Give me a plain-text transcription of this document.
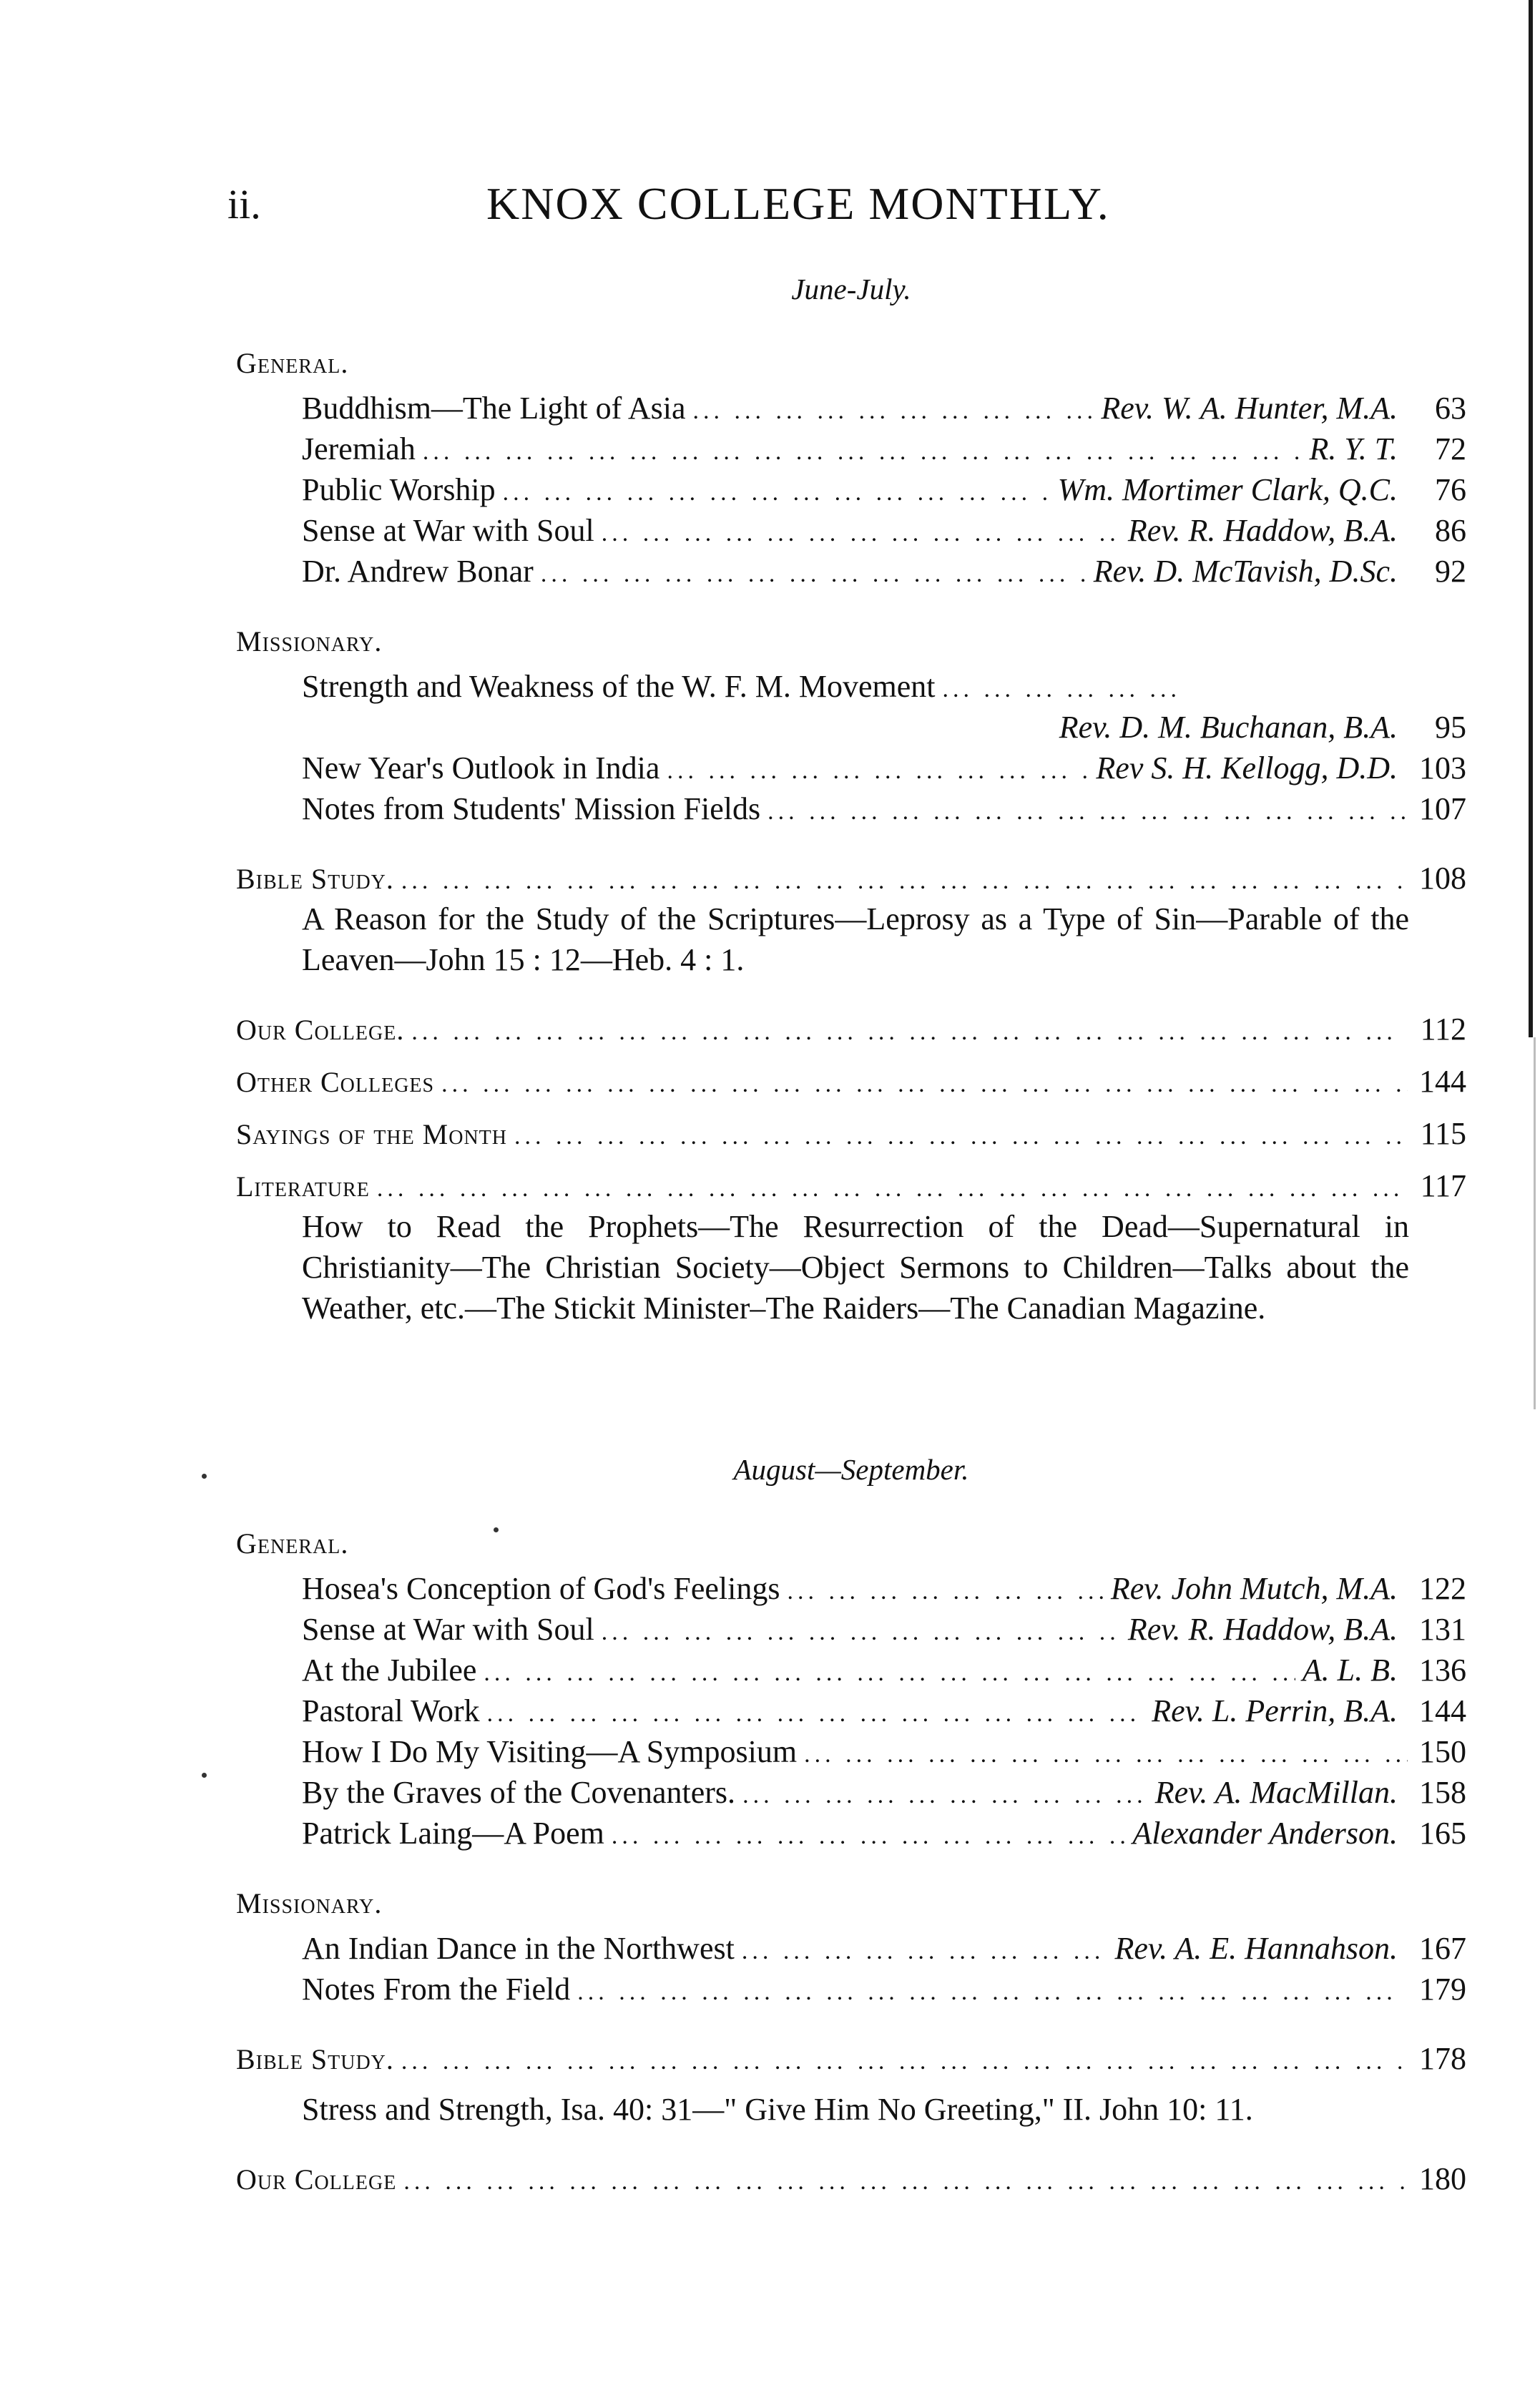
ii.	KNOX COLLEGE MONTHLY.
June-July.
General.
Buddhism—The Light of Asia ... .	Rev. W. A. Hunter, M.A.	63
Jeremiah ... .	R. Y. T.	72
Public Worship ... .	Wm. Mortimer Clark, Q.C.	76
Sense at War with Soul ... .	Rev. R. Haddow, B.A.	86
Dr. Andrew Bonar ... .	Rev. D. McTavish, D.Sc.	92
Missionary.
Strength and Weakness of the W. F. M. Movement
... .
Rev. D. M. Buchanan, B.A.	95
New Year's Outlook in India ... .	Rev S. H. Kellogg, D.D. 103
Notes from Students' Mission Fields ... .	107
Bible Study. ... .	108
A Reason for the Study of the Scriptures—Leprosy as a Type of Sin—Parable of the Leaven—John 15 : 12—Heb. 4 : 1.
Our College. ... .	112
Other Colleges ... .	144
Sayings of the Month ... .	115
Literature ... .	117
How to Read the Prophets—The Resurrection of the Dead—Supernatural in Christianity—The Christian Society—Object Sermons to Children—Talks about the Weather, etc.—The Stickit Minister–The Raiders—The Canadian Magazine.
August—September.
General.
Hosea's Conception of God's Feelings ... .	Rev. John Mutch, M.A. 122
Sense at War with Soul ... .	Rev. R. Haddow, B.A. 131
At the Jubilee ... .	A. L. B. 136
Pastoral Work ... .	Rev. L. Perrin, B.A. 144
How I Do My Visiting—A Symposium ... .	150
By the Graves of the Covenanters. ... .	Rev. A. MacMillan. 158
Patrick Laing—A Poem ... .	Alexander Anderson. 165
Missionary.
An Indian Dance in the Northwest ... .	Rev. A. E. Hannahson. 167
Notes From the Field ... .	179
Bible Study. ... .	178
Stress and Strength, Isa. 40: 31—" Give Him No Greeting," II. John 10: 11.
Our College ... .	180
